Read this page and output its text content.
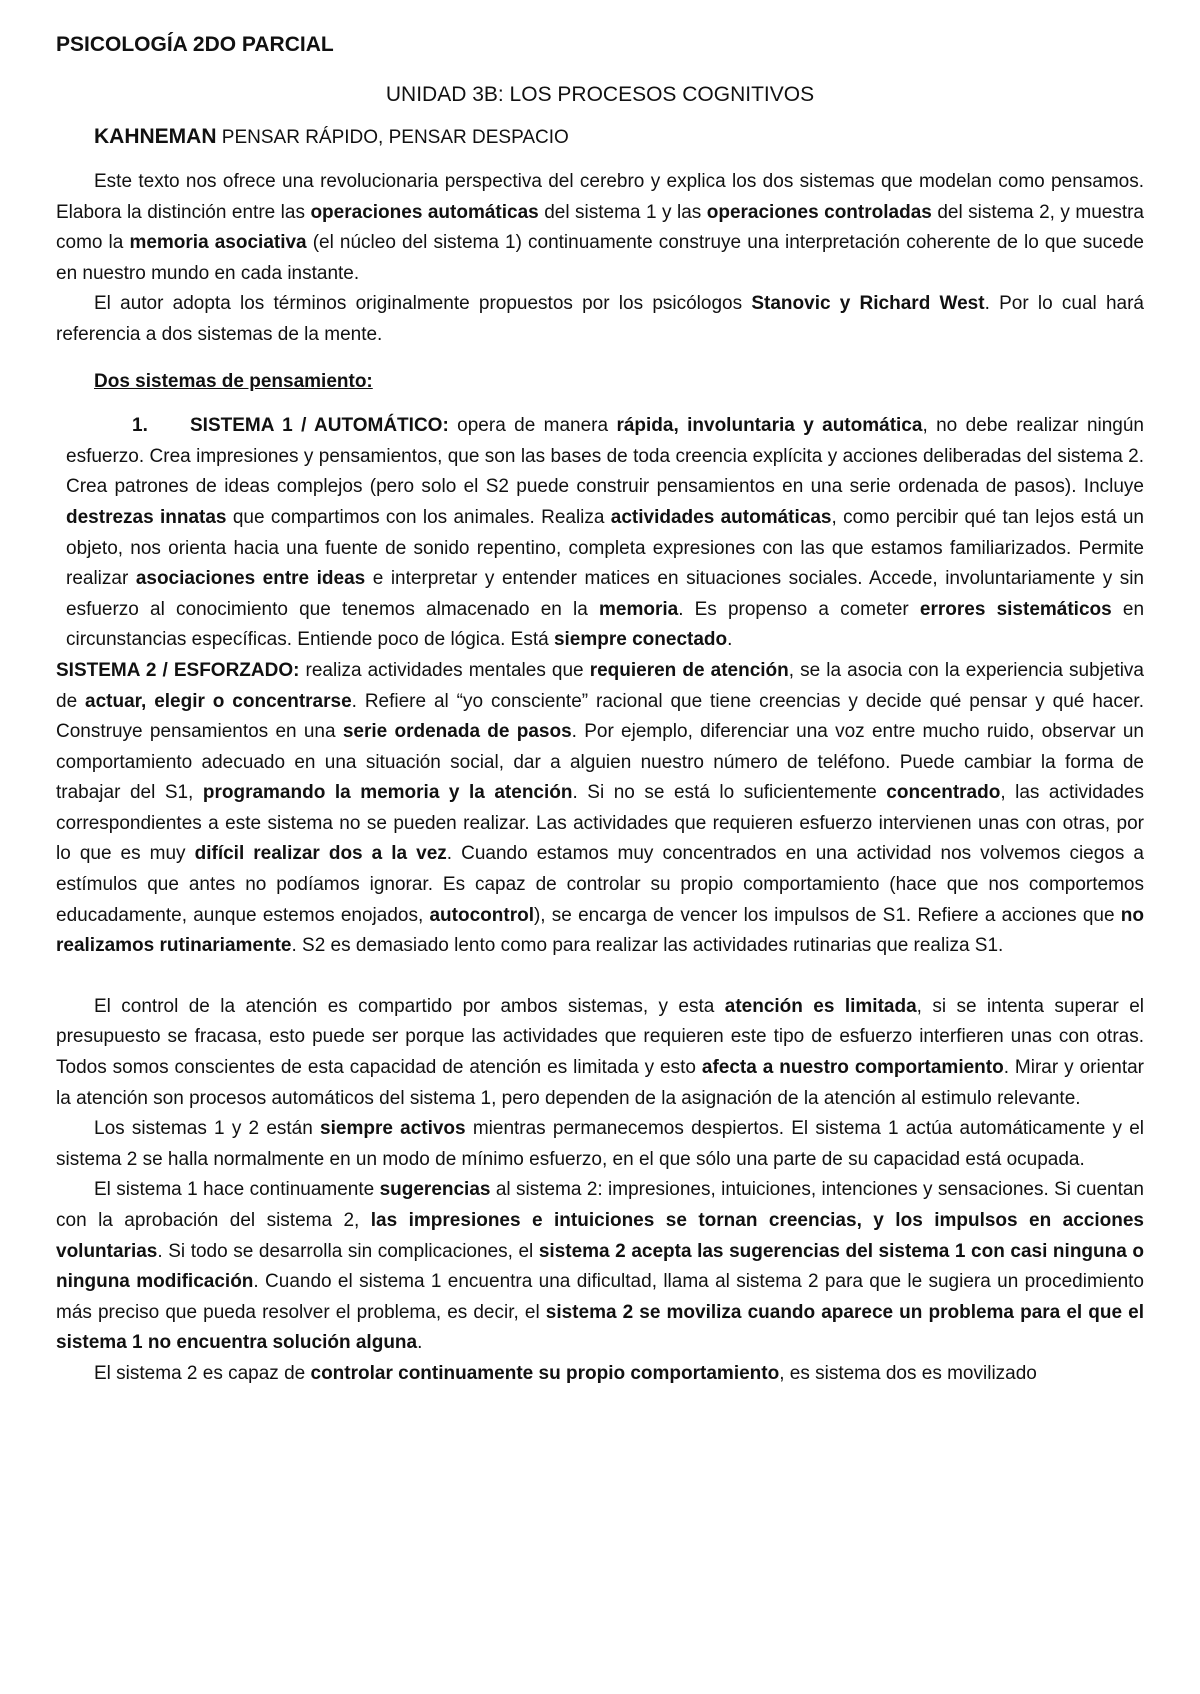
PSICOLOGÍA 2DO PARCIAL
UNIDAD 3B: LOS PROCESOS COGNITIVOS
KAHNEMAN PENSAR RÁPIDO, PENSAR DESPACIO

Este texto nos ofrece una revolucionaria perspectiva del cerebro y explica los dos sistemas que modelan como pensamos. Elabora la distinción entre las operaciones automáticas del sistema 1 y las operaciones controladas del sistema 2, y muestra como la memoria asociativa (el núcleo del sistema 1) continuamente construye una interpretación coherente de lo que sucede en nuestro mundo en cada instante.

El autor adopta los términos originalmente propuestos por los psicólogos Stanovic y Richard West. Por lo cual hará referencia a dos sistemas de la mente.

Dos sistemas de pensamiento:

1. SISTEMA 1 / AUTOMÁTICO: opera de manera rápida, involuntaria y automática, no debe realizar ningún esfuerzo. Crea impresiones y pensamientos, que son las bases de toda creencia explícita y acciones deliberadas del sistema 2. Crea patrones de ideas complejos (pero solo el S2 puede construir pensamientos en una serie ordenada de pasos). Incluye destrezas innatas que compartimos con los animales. Realiza actividades automáticas, como percibir qué tan lejos está un objeto, nos orienta hacia una fuente de sonido repentino, completa expresiones con las que estamos familiarizados. Permite realizar asociaciones entre ideas e interpretar y entender matices en situaciones sociales. Accede, involuntariamente y sin esfuerzo al conocimiento que tenemos almacenado en la memoria. Es propenso a cometer errores sistemáticos en circunstancias específicas. Entiende poco de lógica. Está siempre conectado.

SISTEMA 2 / ESFORZADO: realiza actividades mentales que requieren de atención, se la asocia con la experiencia subjetiva de actuar, elegir o concentrarse. Refiere al “yo consciente” racional que tiene creencias y decide qué pensar y qué hacer. Construye pensamientos en una serie ordenada de pasos. Por ejemplo, diferenciar una voz entre mucho ruido, observar un comportamiento adecuado en una situación social, dar a alguien nuestro número de teléfono. Puede cambiar la forma de trabajar del S1, programando la memoria y la atención. Si no se está lo suficientemente concentrado, las actividades correspondientes a este sistema no se pueden realizar. Las actividades que requieren esfuerzo intervienen unas con otras, por lo que es muy difícil realizar dos a la vez. Cuando estamos muy concentrados en una actividad nos volvemos ciegos a estímulos que antes no podíamos ignorar. Es capaz de controlar su propio comportamiento (hace que nos comportemos educadamente, aunque estemos enojados, autocontrol), se encarga de vencer los impulsos de S1. Refiere a acciones que no realizamos rutinariamente. S2 es demasiado lento como para realizar las actividades rutinarias que realiza S1.

El control de la atención es compartido por ambos sistemas, y esta atención es limitada, si se intenta superar el presupuesto se fracasa, esto puede ser porque las actividades que requieren este tipo de esfuerzo interfieren unas con otras. Todos somos conscientes de esta capacidad de atención es limitada y esto afecta a nuestro comportamiento. Mirar y orientar la atención son procesos automáticos del sistema 1, pero dependen de la asignación de la atención al estimulo relevante.

Los sistemas 1 y 2 están siempre activos mientras permanecemos despiertos. El sistema 1 actúa automáticamente y el sistema 2 se halla normalmente en un modo de mínimo esfuerzo, en el que sólo una parte de su capacidad está ocupada.

El sistema 1 hace continuamente sugerencias al sistema 2: impresiones, intuiciones, intenciones y sensaciones. Si cuentan con la aprobación del sistema 2, las impresiones e intuiciones se tornan creencias, y los impulsos en acciones voluntarias. Si todo se desarrolla sin complicaciones, el sistema 2 acepta las sugerencias del sistema 1 con casi ninguna o ninguna modificación. Cuando el sistema 1 encuentra una dificultad, llama al sistema 2 para que le sugiera un procedimiento más preciso que pueda resolver el problema, es decir, el sistema 2 se moviliza cuando aparece un problema para el que el sistema 1 no encuentra solución alguna.

El sistema 2 es capaz de controlar continuamente su propio comportamiento, es sistema dos es movilizado
